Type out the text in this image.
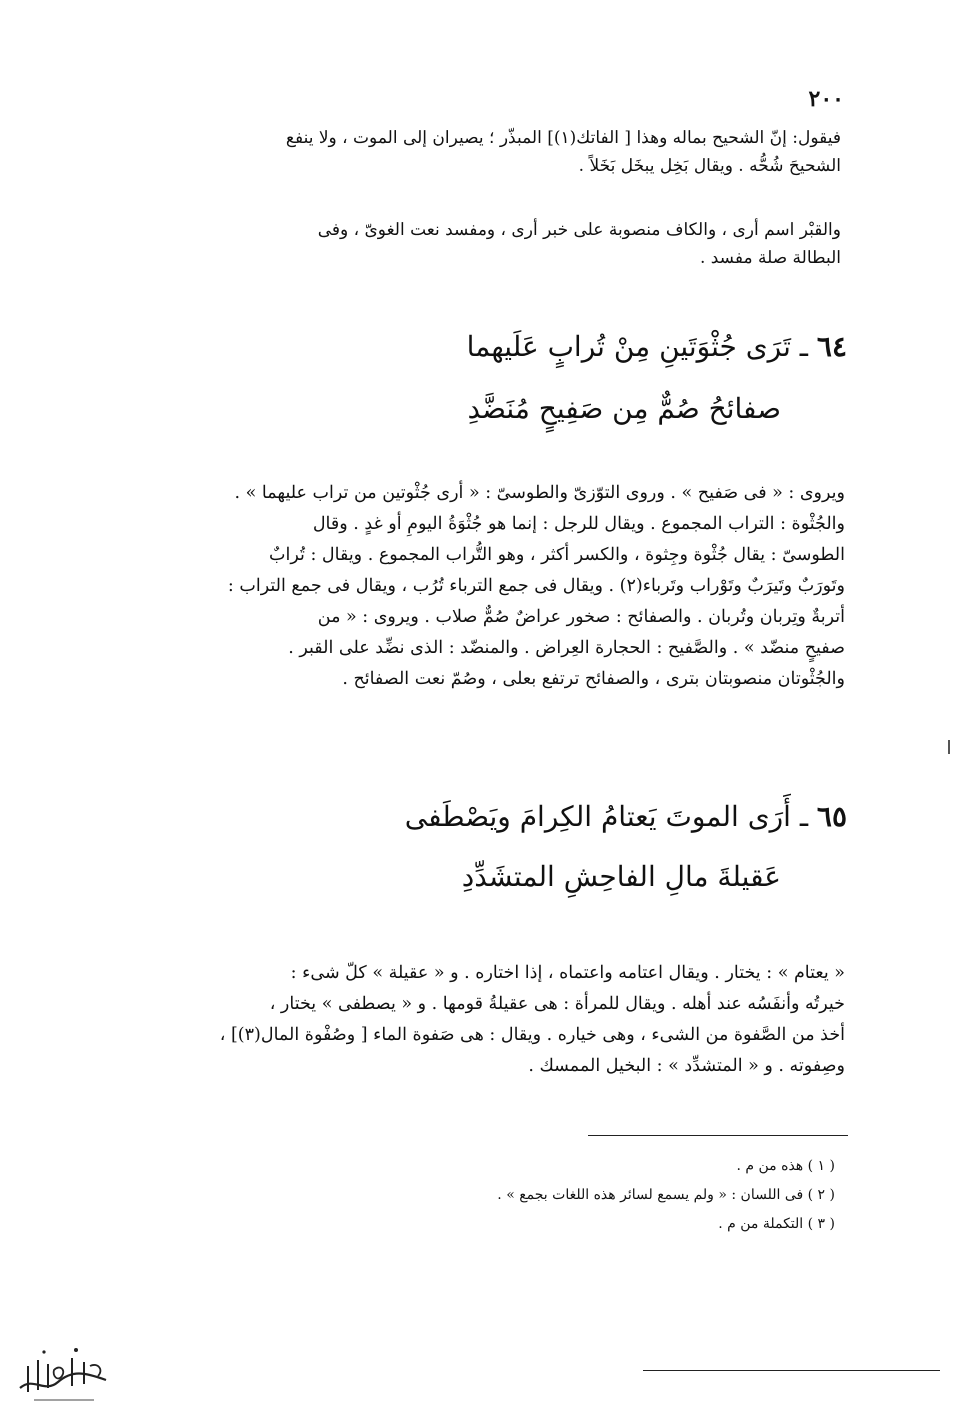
٢٠٠
فيقول: إنّ الشحيح بماله وهذا [ الفاتك(١)] المبذّر ؛ يصيران إلى الموت ، ولا ينفع
الشحيحَ شُحُّه . ويقال بَخِل يبخَل بَخَلاً .
والقبْر اسم أرى ، والكاف منصوبة على خبر أرى ، ومفسد نعت الغوىّ ، وفى
البطالة صلة مفسد .
٦٤ ـ تَرَى جُثْوَتَينِ مِنْ تُرابٍ عَلَيهما
صفائحُ صُمٌّ مِن صَفِيحٍ مُنَضَّدِ
ويروى : « فى صَفيح » . وروى التوّزىّ والطوسىّ : « أرى جُثْوتين من تراب عليهما » .
والجُثْوة : التراب المجموع . ويقال للرجل : إنما هو جُثْوَةُ اليومِ أو غدٍ . وقال
الطوسىّ : يقال جُثْوة وجِثوة ، والكسر أكثر ، وهو التُّراب المجموع . ويقال : تُرابٌ
وتَورَبٌ وتَيرَبٌ وتَوْراب وتَرباء(٢) . ويقال فى جمع الترباء تُرُب ، ويقال فى جمع التراب :
أتربةٌ وتِربان وتُربان . والصفائح : صخور عراضٌ صُمٌّ صلاب . ويروى : « من
صفيحٍ منضّد » . والصَّفيح : الحجارة العِراض . والمنضّد : الذى نضِّد على القبر .
والجُثْوتان منصوبتان بترى ، والصفائح ترتفع بعلى ، وصُمّ نعت الصفائح .
٦٥ ـ أَرَى الموتَ يَعتامُ الكِرامَ ويَصْطَفى
عَقيلةَ مالِ الفاحِشِ المتشَدِّدِ
« يعتام » : يختار . ويقال اعتامه واعتماه ، إذا اختاره . و « عقيلة » كلّ شىء :
خيرتُه وأنفَسُه عند أهله . ويقال للمرأة : هى عقيلةُ قومها . و « يصطفى » يختار ،
أخذ من الصَّفوة من الشىء ، وهى خياره . ويقال : هى صَفوة الماء [ وصُفْوة المال(٣)] ،
وصِفوته . و « المتشدِّد » : البخيل الممسك .
( ١ ) هذه من م .
( ٢ ) فى اللسان : « ولم يسمع لسائر هذه اللغات بجمع » .
( ٣ ) التكملة من م .
